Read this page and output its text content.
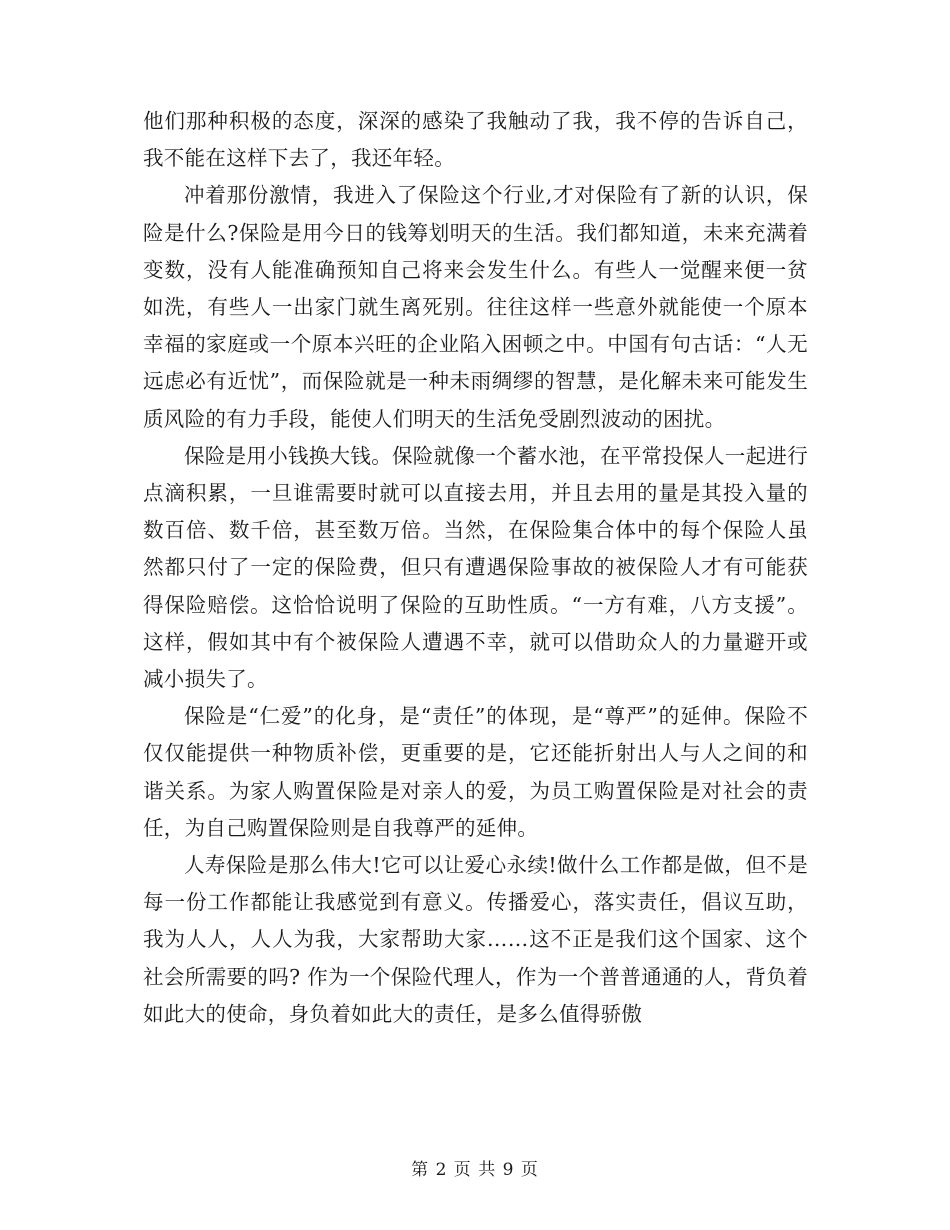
他们那种积极的态度，深深的感染了我触动了我，我不停的告诉自己，我不能在这样下去了，我还年轻。

冲着那份激情，我进入了保险这个行业,才对保险有了新的认识，保险是什么?保险是用今日的钱筹划明天的生活。我们都知道，未来充满着变数，没有人能准确预知自己将来会发生什么。有些人一觉醒来便一贫如洗，有些人一出家门就生离死别。往往这样一些意外就能使一个原本幸福的家庭或一个原本兴旺的企业陷入困顿之中。中国有句古话：“人无远虑必有近忧”，而保险就是一种未雨绸缪的智慧，是化解未来可能发生质风险的有力手段，能使人们明天的生活免受剧烈波动的困扰。

保险是用小钱换大钱。保险就像一个蓄水池，在平常投保人一起进行点滴积累，一旦谁需要时就可以直接去用，并且去用的量是其投入量的数百倍、数千倍，甚至数万倍。当然，在保险集合体中的每个保险人虽然都只付了一定的保险费，但只有遭遇保险事故的被保险人才有可能获得保险赔偿。这恰恰说明了保险的互助性质。“一方有难，八方支援”。这样，假如其中有个被保险人遭遇不幸，就可以借助众人的力量避开或减小损失了。

保险是“仁爱”的化身，是“责任”的体现，是“尊严”的延伸。保险不仅仅能提供一种物质补偿，更重要的是，它还能折射出人与人之间的和谐关系。为家人购置保险是对亲人的爱，为员工购置保险是对社会的责任，为自己购置保险则是自我尊严的延伸。

人寿保险是那么伟大!它可以让爱心永续!做什么工作都是做，但不是每一份工作都能让我感觉到有意义。传播爱心，落实责任，倡议互助，我为人人，人人为我，大家帮助大家……这不正是我们这个国家、这个社会所需要的吗? 作为一个保险代理人，作为一个普普通通的人，背负着如此大的使命，身负着如此大的责任，是多么值得骄傲

第 2 页 共 9 页
